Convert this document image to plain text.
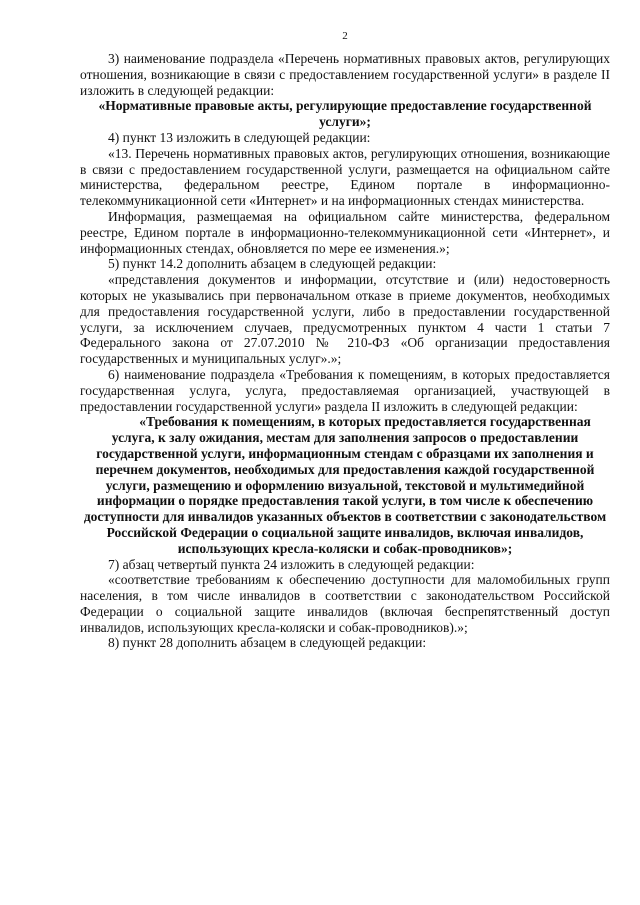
2

3) наименование подраздела «Перечень нормативных правовых актов, регулирующих отношения, возникающие в связи с предоставлением государственной услуги» в разделе II изложить в следующей редакции:

«Нормативные правовые акты, регулирующие предоставление государственной услуги»;

4) пункт 13 изложить в следующей редакции:

«13. Перечень нормативных правовых актов, регулирующих отношения, возникающие в связи с предоставлением государственной услуги, размещается на официальном сайте министерства, федеральном реестре, Едином портале в информационно-телекоммуникационной сети «Интернет» и на информационных стендах министерства.

Информация, размещаемая на официальном сайте министерства, федеральном реестре, Едином портале в информационно-телекоммуникационной сети «Интернет», и информационных стендах, обновляется по мере ее изменения.»;

5) пункт 14.2 дополнить абзацем в следующей редакции:

«представления документов и информации, отсутствие и (или) недостоверность которых не указывались при первоначальном отказе в приеме документов, необходимых для предоставления государственной услуги, либо в предоставлении государственной услуги, за исключением случаев, предусмотренных пунктом 4 части 1 статьи 7 Федерального закона от 27.07.2010 № 210-ФЗ «Об организации предоставления государственных и муниципальных услуг».»;

6) наименование подраздела «Требования к помещениям, в которых предоставляется государственная услуга, услуга, предоставляемая организацией, участвующей в предоставлении государственной услуги» раздела II изложить в следующей редакции:

«Требования к помещениям, в которых предоставляется государственная услуга, к залу ожидания, местам для заполнения запросов о предоставлении государственной услуги, информационным стендам с образцами их заполнения и перечнем документов, необходимых для предоставления каждой государственной услуги, размещению и оформлению визуальной, текстовой и мультимедийной информации о порядке предоставления такой услуги, в том числе к обеспечению доступности для инвалидов указанных объектов в соответствии с законодательством Российской Федерации о социальной защите инвалидов, включая инвалидов, использующих кресла-коляски и собак-проводников»;

7) абзац четвертый пункта 24 изложить в следующей редакции:

«соответствие требованиям к обеспечению доступности для маломобильных групп населения, в том числе инвалидов в соответствии с законодательством Российской Федерации о социальной защите инвалидов (включая беспрепятственный доступ инвалидов, использующих кресла-коляски и собак-проводников).»;

8) пункт 28 дополнить абзацем в следующей редакции:
